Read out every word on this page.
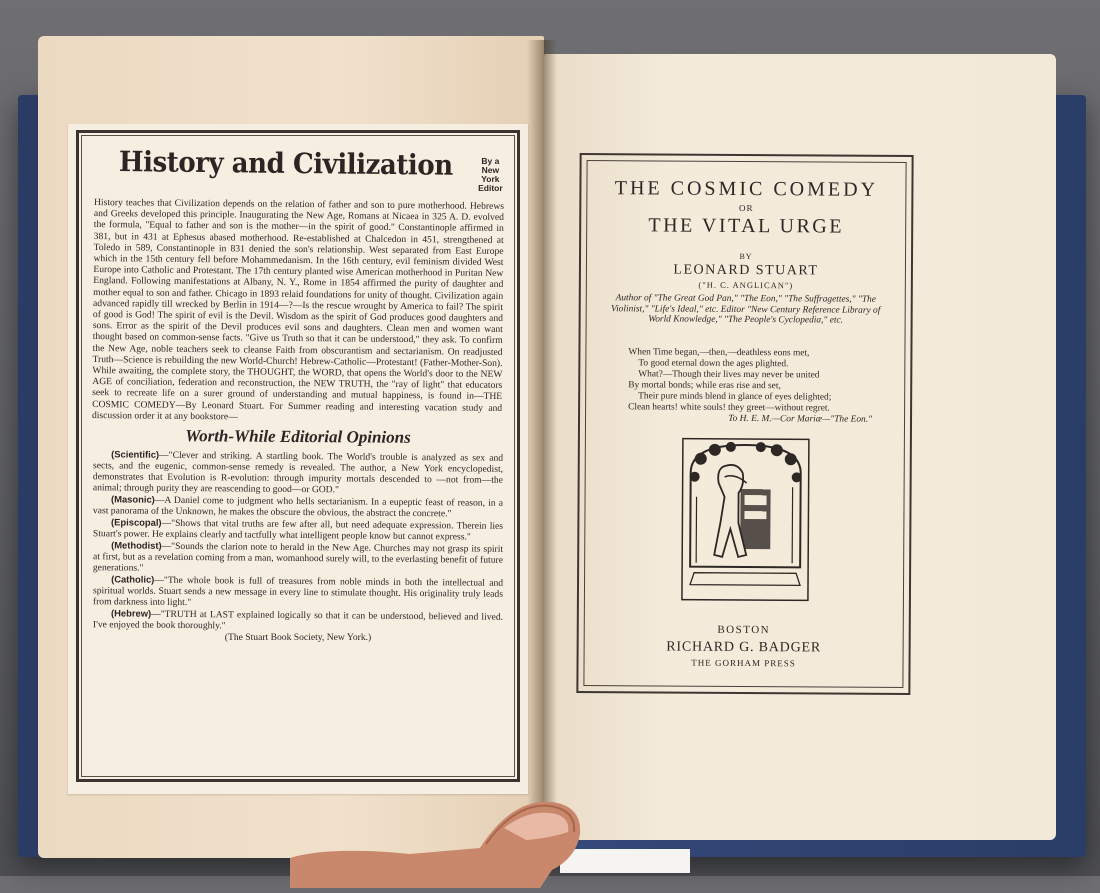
History and Civilization	By a New York Editor
History teaches that Civilization depends on the relation of father and son to pure motherhood. Hebrews and Greeks developed this principle. Inaugurating the New Age, Romans at Nicaea in 325 A. D. evolved the formula, "Equal to father and son is the mother—in the spirit of good." Constantinople affirmed in 381, but in 431 at Ephesus abased motherhood. Re-established at Chalcedon in 451, strengthened at Toledo in 589, Constantinople in 831 denied the son's relationship. West separated from East Europe which in the 15th century fell before Mohammedanism. In the 16th century, evil feminism divided West Europe into Catholic and Protestant. The 17th century planted wise American motherhood in Puritan New England. Following manifestations at Albany, N. Y., Rome in 1854 affirmed the purity of daughter and mother equal to son and father. Chicago in 1893 relaid foundations for unity of thought. Civilization again advanced rapidly till wrecked by Berlin in 1914—?—Is the rescue wrought by America to fail? The spirit of good is God! The spirit of evil is the Devil. Wisdom as the spirit of God produces good daughters and sons. Error as the spirit of the Devil produces evil sons and daughters. Clean men and women want thought based on common-sense facts. "Give us Truth so that it can be understood," they ask. To confirm the New Age, noble teachers seek to cleanse Faith from obscurantism and sectarianism. On readjusted Truth—Science is rebuilding the new World-Church! Hebrew-Catholic—Protestant! (Father-Mother-Son). While awaiting, the complete story, the THOUGHT, the WORD, that opens the World's door to the NEW AGE of conciliation, federation and reconstruction, the NEW TRUTH, the "ray of light" that educators seek to recreate life on a surer ground of understanding and mutual happiness, is found in—THE COSMIC COMEDY—By Leonard Stuart. For Summer reading and interesting vacation study and discussion order it at any bookstore—
Worth-While Editorial Opinions
(Scientific)—"Clever and striking. A startling book. The World's trouble is analyzed as sex and sects, and the eugenic, common-sense remedy is revealed. The author, a New York encyclopedist, demonstrates that Evolution is R-evolution: through impurity mortals descended to —not from—the animal; through purity they are reascending to good—or GOD."
(Masonic)—A Daniel come to judgment who hells sectarianism. In a eupeptic feast of reason, in a vast panorama of the Unknown, he makes the obscure the obvious, the abstract the concrete."
(Episcopal)—"Shows that vital truths are few after all, but need adequate expression. Therein lies Stuart's power. He explains clearly and tactfully what intelligent people know but cannot express."
(Methodist)—"Sounds the clarion note to herald in the New Age. Churches may not grasp its spirit at first, but as a revelation coming from a man, womanhood surely will, to the everlasting benefit of future generations."
(Catholic)—"The whole book is full of treasures from noble minds in both the intellectual and spiritual worlds. Stuart sends a new message in every line to stimulate thought. His originality truly leads from darkness into light."
(Hebrew)—"TRUTH at LAST explained logically so that it can be understood, believed and lived. I've enjoyed the book thoroughly."
(The Stuart Book Society, New York.)
THE COSMIC COMEDY
OR
THE VITAL URGE
BY
LEONARD STUART
("H. C. ANGLICAN")
Author of "The Great God Pan," "The Eon," "The Suffragettes," "The Violinist," "Life's Ideal," etc. Editor "New Century Reference Library of World Knowledge," "The People's Cyclopedia," etc.
When Time began,—then,—deathless eons met,
To good eternal down the ages plighted.
What?—Though their lives may never be united
By mortal bonds; while eras rise and set,
Their pure minds blend in glance of eyes delighted;
Clean hearts! white souls! they greet—without regret.
To H. E. M.—Cor Mariæ—"The Eon."
BOSTON
RICHARD G. BADGER
THE GORHAM PRESS
